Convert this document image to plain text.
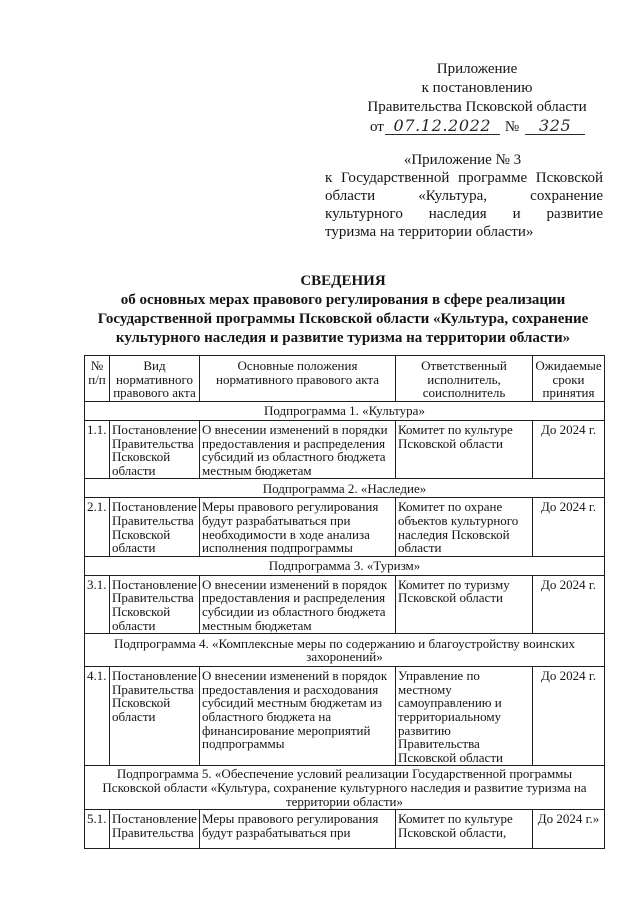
Приложение
к постановлению
Правительства Псковской области
от 07.12.2022 № 325
«Приложение № 3
к Государственной программе Псковской
области «Культура, сохранение
культурного наследия и развитие
туризма на территории области»
СВЕДЕНИЯ
об основных мерах правового регулирования в сфере реализации
Государственной программы Псковской области «Культура, сохранение
культурного наследия и развитие туризма на территории области»
№ п/п	Вид нормативного правового акта	Основные положения нормативного правового акта	Ответственный исполнитель, соисполнитель	Ожидаемые сроки принятия
Подпрограмма 1. «Культура»				
1.1.	Постановление Правительства Псковской области	О внесении изменений в порядки предоставления и распределения субсидий из областного бюджета местным бюджетам	Комитет по культуре Псковской области	До 2024 г.
Подпрограмма 2. «Наследие»				
2.1.	Постановление Правительства Псковской области	Меры правового регулирования будут разрабатываться при необходимости в ходе анализа исполнения подпрограммы	Комитет по охране объектов культурного наследия Псковской области	До 2024 г.
Подпрограмма 3. «Туризм»				
3.1.	Постановление Правительства Псковской области	О внесении изменений в порядок предоставления и распределения субсидии из областного бюджета местным бюджетам	Комитет по туризму Псковской области	До 2024 г.
Подпрограмма 4. «Комплексные меры по содержанию и благоустройству воинских захоронений»				
4.1.	Постановление Правительства Псковской области	О внесении изменений в порядок предоставления и расходования субсидий местным бюджетам из областного бюджета на финансирование мероприятий подпрограммы	Управление по местному самоуправлению и территориальному развитию Правительства Псковской области	До 2024 г.
Подпрограмма 5. «Обеспечение условий реализации Государственной программы Псковской области «Культура, сохранение культурного наследия и развитие туризма на территории области»				
5.1.	Постановление Правительства	Меры правового регулирования будут разрабатываться при	Комитет по культуре Псковской области,	До 2024 г.»
